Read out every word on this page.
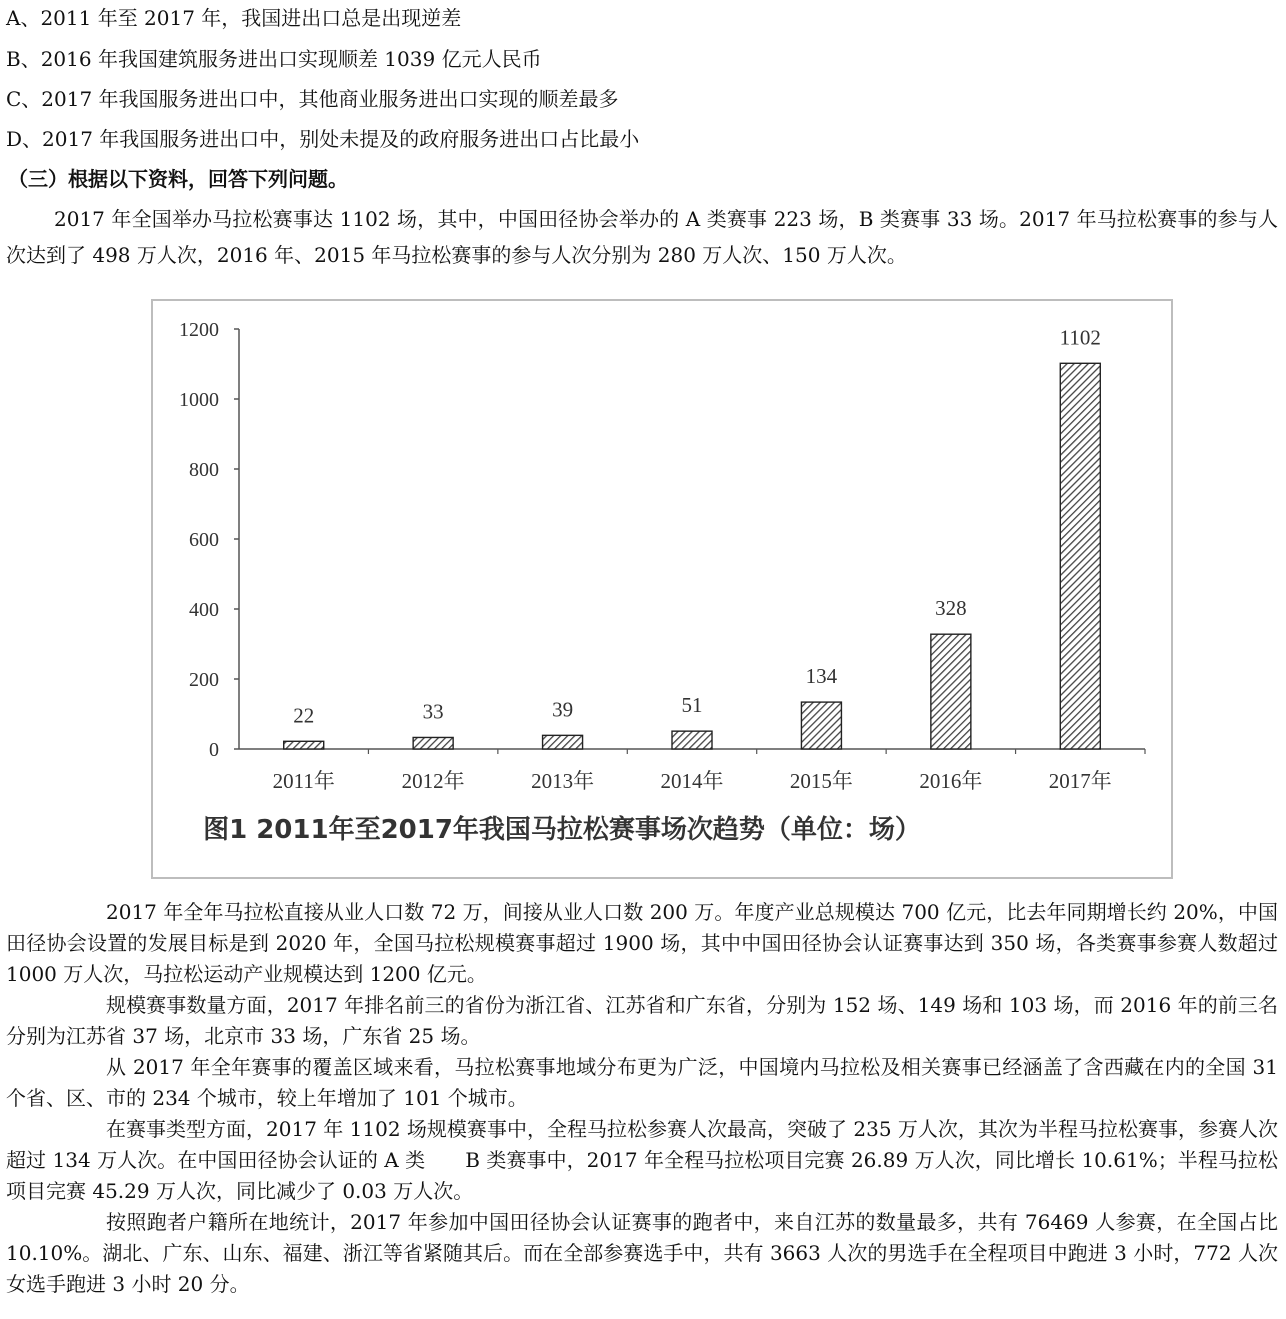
A、2011 年至 2017 年，我国进出口总是出现逆差
B、2016 年我国建筑服务进出口实现顺差 1039 亿元人民币
C、2017 年我国服务进出口中，其他商业服务进出口实现的顺差最多
D、2017 年我国服务进出口中，别处未提及的政府服务进出口占比最小
（三）根据以下资料，回答下列问题。
2017 年全国举办马拉松赛事达 1102 场，其中，中国田径协会举办的 A 类赛事 223 场，B 类赛事 33 场。2017 年马拉松赛事的参与人次达到了 498 万人次，2016 年、2015 年马拉松赛事的参与人次分别为 280 万人次、150 万人次。
0
200
400
600
800
1000
1200
2011年	2012年	2013年	2014年	2015年	2016年	2017年
22	33	39	51
134
328
1102
图1 2011年至2017年我国马拉松赛事场次趋势（单位：场）
2017 年全年马拉松直接从业人口数 72 万，间接从业人口数 200 万。年度产业总规模达 700 亿元，比去年同期增长约 20%，中国田径协会设置的发展目标是到 2020 年，全国马拉松规模赛事超过 1900 场，其中中国田径协会认证赛事达到 350 场，各类赛事参赛人数超过 1000 万人次，马拉松运动产业规模达到 1200 亿元。
规模赛事数量方面，2017 年排名前三的省份为浙江省、江苏省和广东省，分别为 152 场、149 场和 103 场，而 2016 年的前三名分别为江苏省 37 场，北京市 33 场，广东省 25 场。
从 2017 年全年赛事的覆盖区域来看，马拉松赛事地域分布更为广泛，中国境内马拉松及相关赛事已经涵盖了含西藏在内的全国 31 个省、区、市的 234 个城市，较上年增加了 101 个城市。
在赛事类型方面，2017 年 1102 场规模赛事中，全程马拉松参赛人次最高，突破了 235 万人次，其次为半程马拉松赛事，参赛人次超过 134 万人次。在中国田径协会认证的 A 类　　B 类赛事中，2017 年全程马拉松项目完赛 26.89 万人次，同比增长 10.61%；半程马拉松项目完赛 45.29 万人次，同比减少了 0.03 万人次。
按照跑者户籍所在地统计，2017 年参加中国田径协会认证赛事的跑者中，来自江苏的数量最多，共有 76469 人参赛，在全国占比 10.10%。湖北、广东、山东、福建、浙江等省紧随其后。而在全部参赛选手中，共有 3663 人次的男选手在全程项目中跑进 3 小时，772 人次女选手跑进 3 小时 20 分。
